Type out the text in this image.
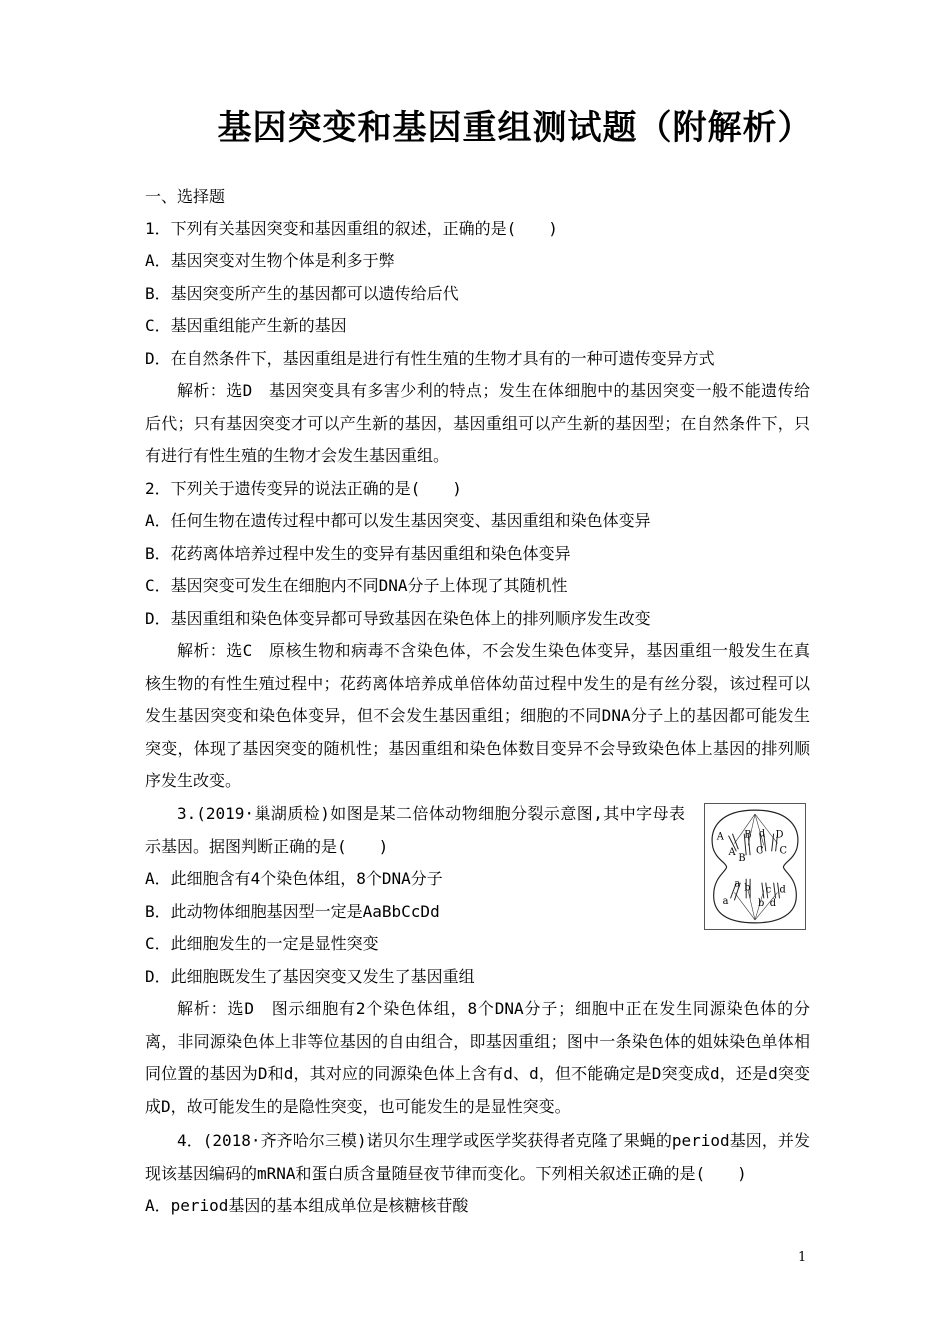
基因突变和基因重组测试题（附解析）

一、选择题

1．下列有关基因突变和基因重组的叙述，正确的是(　　)

A．基因突变对生物个体是利多于弊

B．基因突变所产生的基因都可以遗传给后代

C．基因重组能产生新的基因

D．在自然条件下，基因重组是进行有性生殖的生物才具有的一种可遗传变异方式

解析：选D　基因突变具有多害少利的特点；发生在体细胞中的基因突变一般不能遗传给后代；只有基因突变才可以产生新的基因，基因重组可以产生新的基因型；在自然条件下，只有进行有性生殖的生物才会发生基因重组。

2．下列关于遗传变异的说法正确的是(　　)

A．任何生物在遗传过程中都可以发生基因突变、基因重组和染色体变异

B．花药离体培养过程中发生的变异有基因重组和染色体变异

C．基因突变可发生在细胞内不同DNA分子上体现了其随机性

D．基因重组和染色体变异都可导致基因在染色体上的排列顺序发生改变

解析：选C　原核生物和病毒不含染色体，不会发生染色体变异，基因重组一般发生在真核生物的有性生殖过程中；花药离体培养成单倍体幼苗过程中发生的是有丝分裂，该过程可以发生基因突变和染色体变异，但不会发生基因重组；细胞的不同DNA分子上的基因都可能发生突变，体现了基因突变的随机性；基因重组和染色体数目变异不会导致染色体上基因的排列顺序发生改变。

3.(2019·巢湖质检)如图是某二倍体动物细胞分裂示意图,其中字母表示基因。据图判断正确的是(　　)	A B d D
A
B
C C
a b c d
a	b d

A．此细胞含有4个染色体组，8个DNA分子

B．此动物体细胞基因型一定是AaBbCcDd

C．此细胞发生的一定是显性突变

D．此细胞既发生了基因突变又发生了基因重组

解析：选D　图示细胞有2个染色体组，8个DNA分子；细胞中正在发生同源染色体的分离，非同源染色体上非等位基因的自由组合，即基因重组；图中一条染色体的姐妹染色单体相同位置的基因为D和d，其对应的同源染色体上含有d、d，但不能确定是D突变成d，还是d突变成D，故可能发生的是隐性突变，也可能发生的是显性突变。

4．(2018·齐齐哈尔三模)诺贝尔生理学或医学奖获得者克隆了果蝇的period基因，并发现该基因编码的mRNA和蛋白质含量随昼夜节律而变化。下列相关叙述正确的是(　　)

A．period基因的基本组成单位是核糖核苷酸

1
